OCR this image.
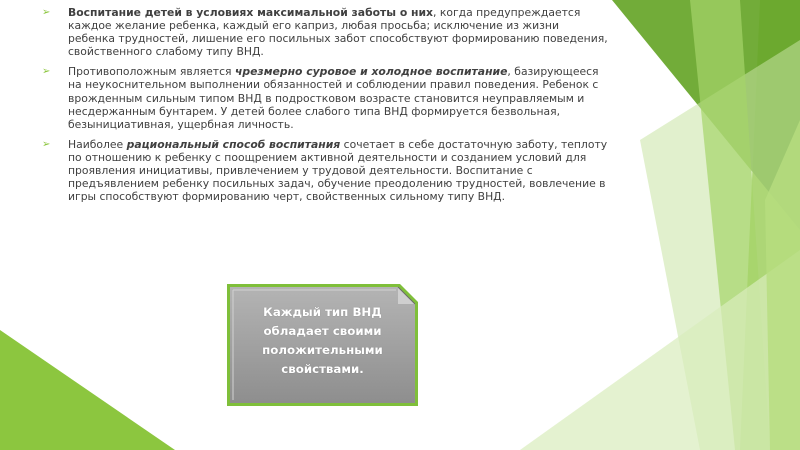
➢ Воспитание детей в условиях максимальной заботы о них, когда предупреждается каждое желание ребенка, каждый его каприз, любая просьба; исключение из жизни ребенка трудностей, лишение его посильных забот способствуют формированию поведения, свойственного слабому типу ВНД.
➢ Противоположным является чрезмерно суровое и холодное воспитание, базирующееся на неукоснительном выполнении обязанностей и соблюдении правил поведения. Ребенок с врожденным сильным типом ВНД в подростковом возрасте становится неуправляемым и несдержанным бунтарем. У детей более слабого типа ВНД формируется безвольная, безынициативная, ущербная личность.
➢ Наиболее рациональный способ воспитания сочетает в себе достаточную заботу, теплоту по отношению к ребенку с поощрением активной деятельности и созданием условий для проявления инициативы, привлечением у трудовой деятельности. Воспитание с предъявлением ребенку посильных задач, обучение преодолению трудностей, вовлечение в игры способствуют формированию черт, свойственных сильному типу ВНД.
Каждый тип ВНД обладает своими положительными свойствами.
